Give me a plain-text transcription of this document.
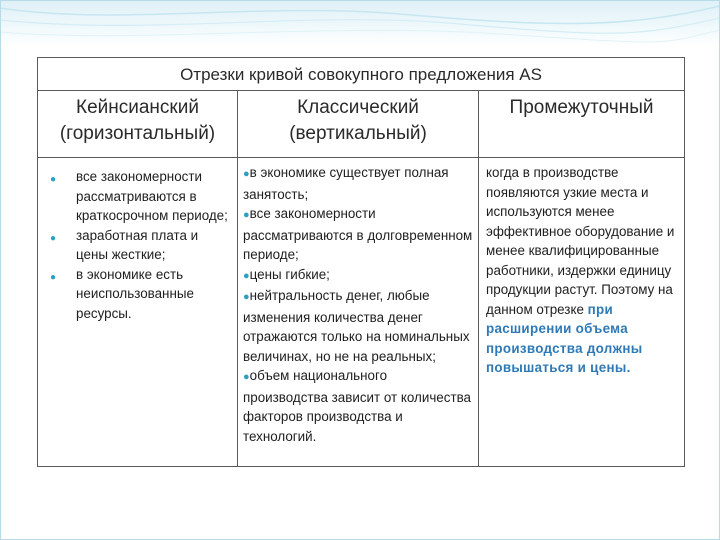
Отрезки кривой совокупного предложения AS
Кейнсианский
(горизонтальный)
Классический
(вертикальный)
Промежуточный
● все закономерности рассматриваются в краткосрочном периоде;
● заработная плата и цены жесткие;
● в экономике есть неиспользованные ресурсы.
●в экономике существует полная занятость;
●все закономерности рассматриваются в долговременном периоде;
●цены гибкие;
●нейтральность денег, любые изменения количества денег отражаются только на номинальных величинах, но не на реальных;
●объем национального производства зависит от количества факторов производства и технологий.
когда в производстве появляются узкие места и используются менее эффективное оборудование и менее квалифицированные работники, издержки единицу продукции растут. Поэтому на данном отрезке при расширении объема производства должны повышаться и цены.
